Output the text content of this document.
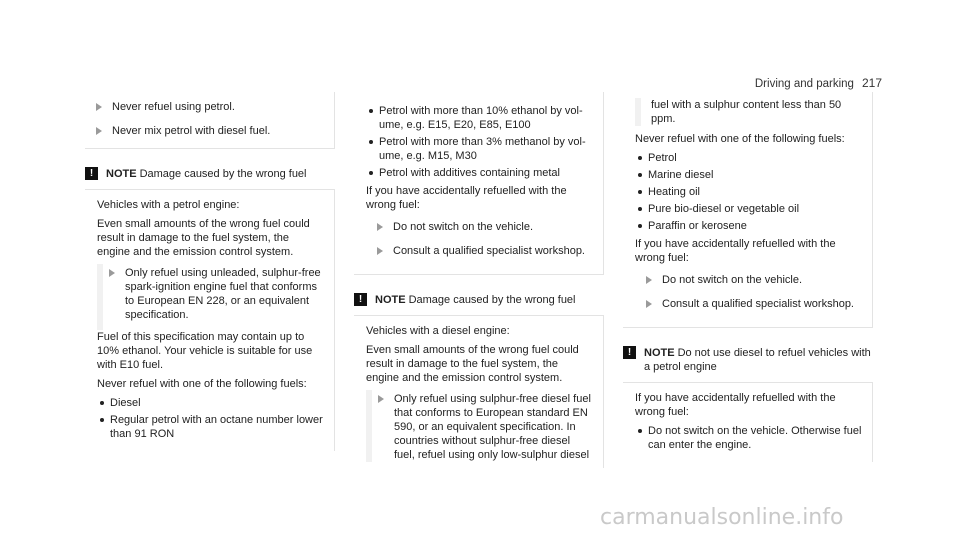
Driving and parking 217
Never refuel using petrol.
Never mix petrol with diesel fuel.
!	NOTE Damage caused by the wrong fuel

Vehicles with a petrol engine:

Even small amounts of the wrong fuel could result in damage to the fuel system, the engine and the emission control system.

Only refuel using unleaded, sulphur-free spark-ignition engine fuel that conforms to European EN 228, or an equivalent specification.

Fuel of this specification may contain up to 10% ethanol. Your vehicle is suitable for use with E10 fuel.

Never refuel with one of the following fuels:

Diesel
Regular petrol with an octane number lower than 91 RON
Petrol with more than 10% ethanol by vol-ume, e.g. E15, E20, E85, E100
Petrol with more than 3% methanol by vol-ume, e.g. M15, M30
Petrol with additives containing metal

If you have accidentally refuelled with the wrong fuel:

Do not switch on the vehicle.
Consult a qualified specialist workshop.
!	NOTE Damage caused by the wrong fuel

Vehicles with a diesel engine:

Even small amounts of the wrong fuel could result in damage to the fuel system, the engine and the emission control system.

Only refuel using sulphur-free diesel fuel that conforms to European standard EN 590, or an equivalent specification. In countries without sulphur-free diesel fuel, refuel using only low-sulphur diesel
fuel with a sulphur content less than 50 ppm.

Never refuel with one of the following fuels:

Petrol
Marine diesel
Heating oil
Pure bio-diesel or vegetable oil
Paraffin or kerosene

If you have accidentally refuelled with the wrong fuel:

Do not switch on the vehicle.
Consult a qualified specialist workshop.
!	NOTE Do not use diesel to refuel vehicles with a petrol engine

If you have accidentally refuelled with the wrong fuel:

Do not switch on the vehicle. Otherwise fuel can enter the engine.
carmanualsonline.info
